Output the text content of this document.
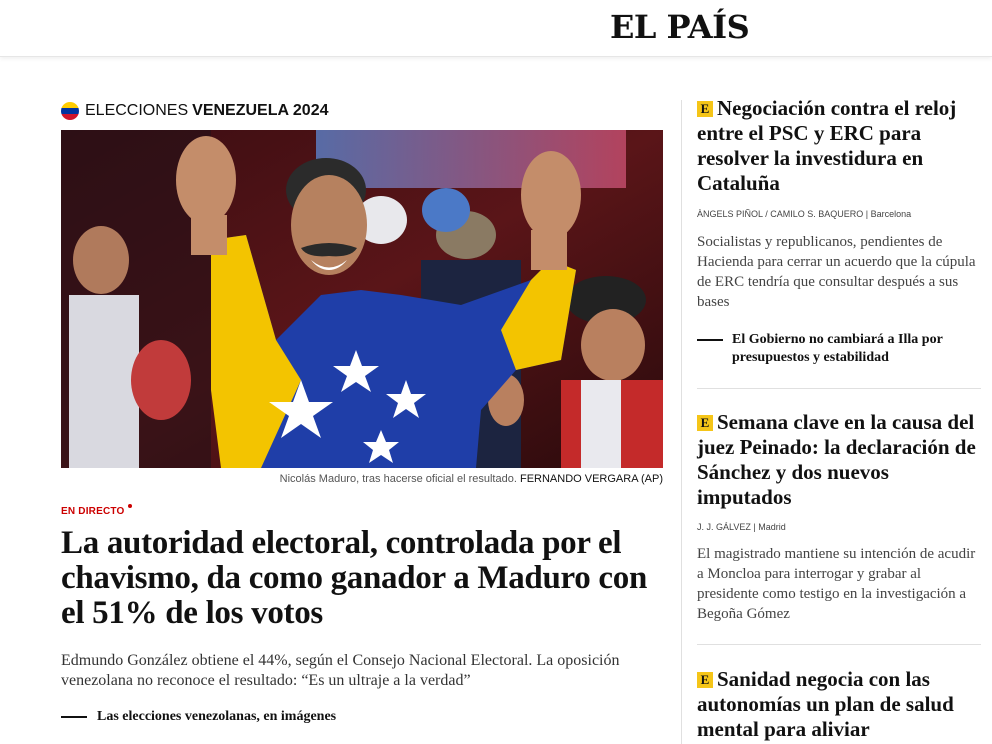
EL PAÍS
ELECCIONES VENEZUELA 2024
Nicolás Maduro, tras hacerse oficial el resultado. FERNANDO VERGARA (AP)
EN DIRECTO
La autoridad electoral, controlada por el chavismo, da como ganador a Maduro con el 51% de los votos

Edmundo González obtiene el 44%, según el Consejo Nacional Electoral. La oposición venezolana no reconoce el resultado: “Es un ultraje a la verdad”

Las elecciones venezolanas, en imágenes
E Negociación contra el reloj entre el PSC y ERC para resolver la investidura en Cataluña
ÀNGELS PIÑOL / CAMILO S. BAQUERO | Barcelona

Socialistas y republicanos, pendientes de Hacienda para cerrar un acuerdo que la cúpula de ERC tendría que consultar después a sus bases

El Gobierno no cambiará a Illa por presupuestos y estabilidad
E Semana clave en la causa del juez Peinado: la declaración de Sánchez y dos nuevos imputados
J. J. GÁLVEZ | Madrid

El magistrado mantiene su intención de acudir a Moncloa para interrogar y grabar al presidente como testigo en la investigación a Begoña Gómez

E Sanidad negocia con las autonomías un plan de salud mental para aliviar
